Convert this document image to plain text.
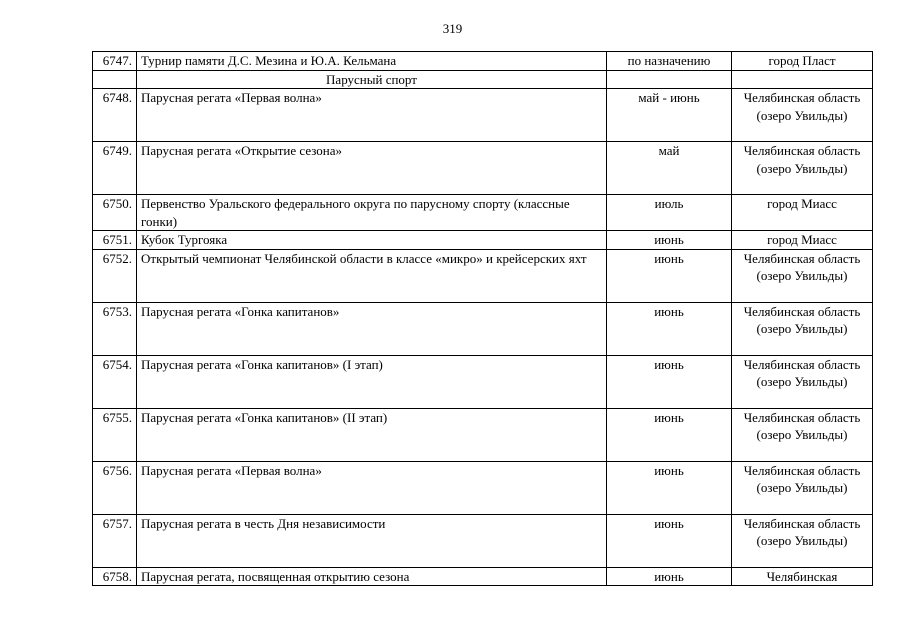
319
6747.	Турнир памяти Д.С. Мезина и Ю.А. Кельмана	по назначению	город Пласт
	Парусный спорт		
6748.	Парусная регата «Первая волна»	май - июнь	Челябинская область (озеро Увильды)
6749.	Парусная регата «Открытие сезона»	май	Челябинская область (озеро Увильды)
6750.	Первенство Уральского федерального округа по парусному спорту (классные гонки)	июль	город Миасс
6751.	Кубок Тургояка	июнь	город Миасс
6752.	Открытый чемпионат Челябинской области в классе «микро» и крейсерских яхт	июнь	Челябинская область (озеро Увильды)
6753.	Парусная регата «Гонка капитанов»	июнь	Челябинская область (озеро Увильды)
6754.	Парусная регата «Гонка капитанов» (I этап)	июнь	Челябинская область (озеро Увильды)
6755.	Парусная регата «Гонка капитанов» (II этап)	июнь	Челябинская область (озеро Увильды)
6756.	Парусная регата «Первая волна»	июнь	Челябинская область (озеро Увильды)
6757.	Парусная регата в честь Дня независимости	июнь	Челябинская область (озеро Увильды)
6758.	Парусная регата, посвященная открытию сезона	июнь	Челябинская
